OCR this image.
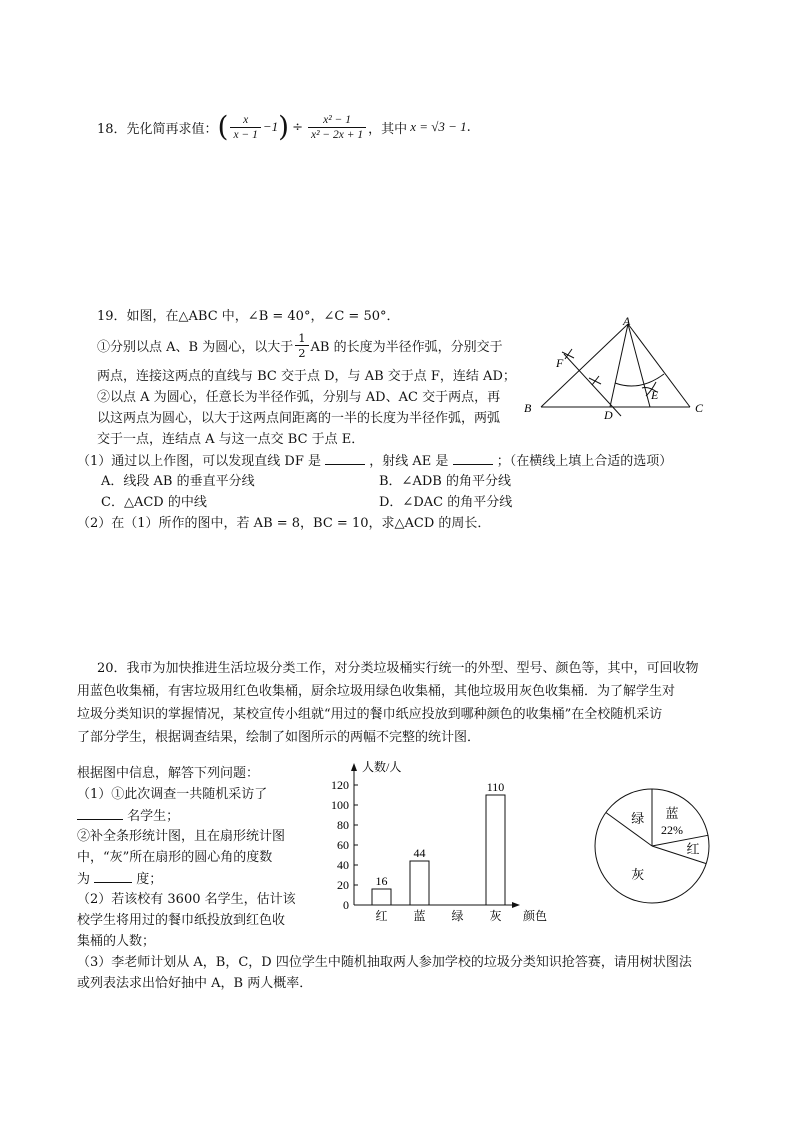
18．先化简再求值： ( $\frac{x}{x - 1} -1$ ) ÷ $\frac{\text{x² − 1}}{\text{x² − 2x + 1}}$ ，其中 x = √3 − 1 .
19．如图，在△ABC 中，∠B = 40°，∠C = 50°．
①分别以点 A、B 为圆心，以大于 $\frac{1}{2}$ AB 的长度为半径作弧，分别交于
两点，连接这两点的直线与 BC 交于点 D，与 AB 交于点 F，连结 AD；
②以点 A 为圆心，任意长为半径作弧，分别与 AD、AC 交于两点，再
以这两点为圆心，以大于这两点间距离的一半的长度为半径作弧，两弧
交于一点，连结点 A 与这一点交 BC 于点 E．
（1）通过以上作图，可以发现直线 DF 是	，射线 AE 是	；（在横线上填上合适的选项）
A．线段 AB 的垂直平分线	B．∠ADB 的角平分线
C．△ACD 的中线	D．∠DAC 的角平分线
（2）在（1）所作的图中，若 AB = 8，BC = 10，求△ACD 的周长．
A
B	C
D
E
F
20．我市为加快推进生活垃圾分类工作，对分类垃圾桶实行统一的外型、型号、颜色等，其中，可回收物
用蓝色收集桶，有害垃圾用红色收集桶，厨余垃圾用绿色收集桶，其他垃圾用灰色收集桶．为了解学生对
垃圾分类知识的掌握情况，某校宣传小组就“用过的餐巾纸应投放到哪种颜色的收集桶”在全校随机采访
了部分学生，根据调查结果，绘制了如图所示的两幅不完整的统计图．
根据图中信息，解答下列问题：
（1）①此次调查一共随机采访了
名学生；
②补全条形统计图，且在扇形统计图
中，“灰”所在扇形的圆心角的度数
为	度；
（2）若该校有 3600 名学生，估计该
校学生将用过的餐巾纸投放到红色收
集桶的人数；
（3）李老师计划从 A，B，C，D 四位学生中随机抽取两人参加学校的垃圾分类知识抢答赛，请用树状图法
或列表法求出恰好抽中 A，B 两人概率．
人数/人
颜色
0
20
40
60
80
100
120
16
红
44
蓝 绿
110
灰
蓝
22%
红
灰
绿
